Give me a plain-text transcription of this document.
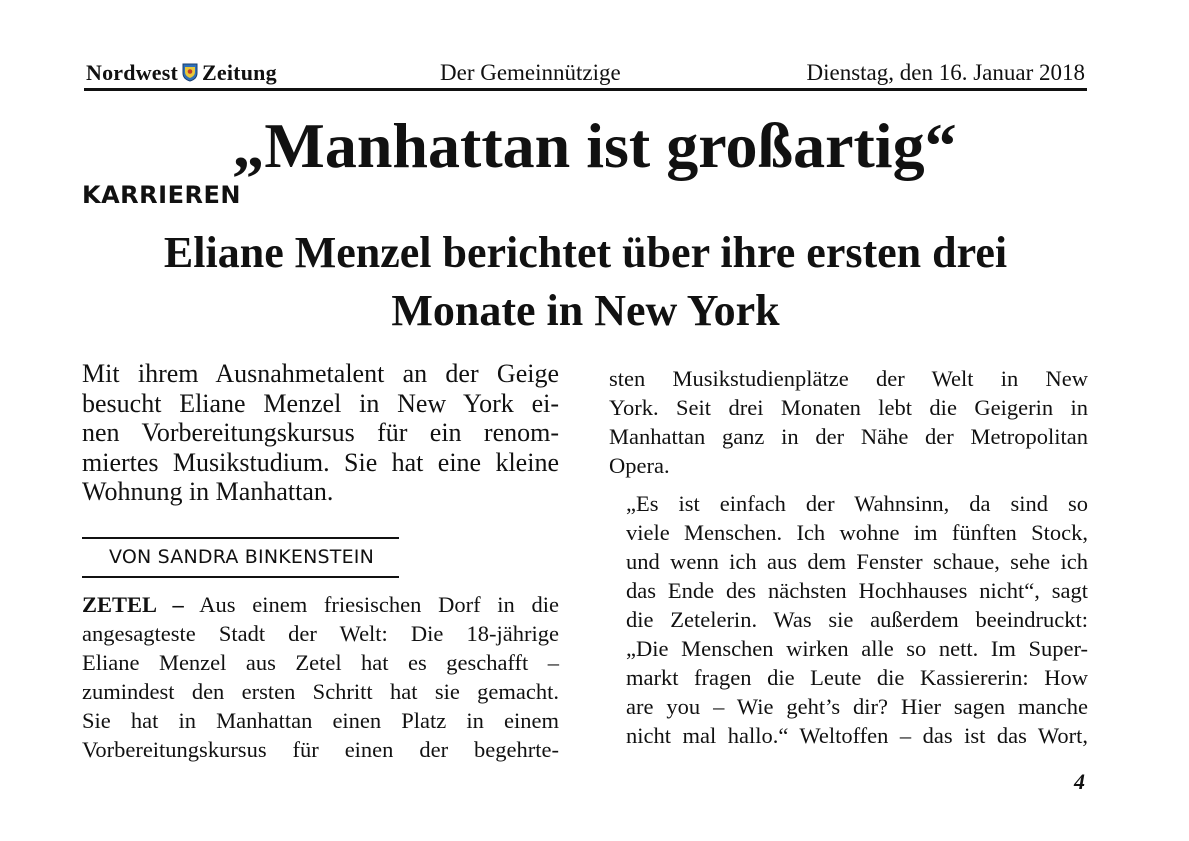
Nordwest Zeitung	Der Gemeinnützige	Dienstag, den 16. Januar 2018
„Manhattan ist großartig“
KARRIEREN
Eliane Menzel berichtet über ihre ersten drei
Monate in New York
Mit ihrem Ausnahmetalent an der Geige
besucht Eliane Menzel in New York ei-
nen Vorbereitungskursus für ein renom-
miertes Musikstudium. Sie hat eine kleine
Wohnung in Manhattan.
VON SANDRA BINKENSTEIN
ZETEL – Aus einem friesischen Dorf in die
angesagteste Stadt der Welt: Die 18-jährige
Eliane Menzel aus Zetel hat es geschafft –
zumindest den ersten Schritt hat sie gemacht.
Sie hat in Manhattan einen Platz in einem
Vorbereitungskursus für einen der begehrte-

sten Musikstudienplätze der Welt in New
York. Seit drei Monaten lebt die Geigerin in
Manhattan ganz in der Nähe der Metropolitan
Opera.

„Es ist einfach der Wahnsinn, da sind so
viele Menschen. Ich wohne im fünften Stock,
und wenn ich aus dem Fenster schaue, sehe ich
das Ende des nächsten Hochhauses nicht“, sagt
die Zetelerin. Was sie außerdem beeindruckt:
„Die Menschen wirken alle so nett. Im Super-
markt fragen die Leute die Kassiererin: How
are you – Wie geht’s dir? Hier sagen manche
nicht mal hallo.“ Weltoffen – das ist das Wort,

4
